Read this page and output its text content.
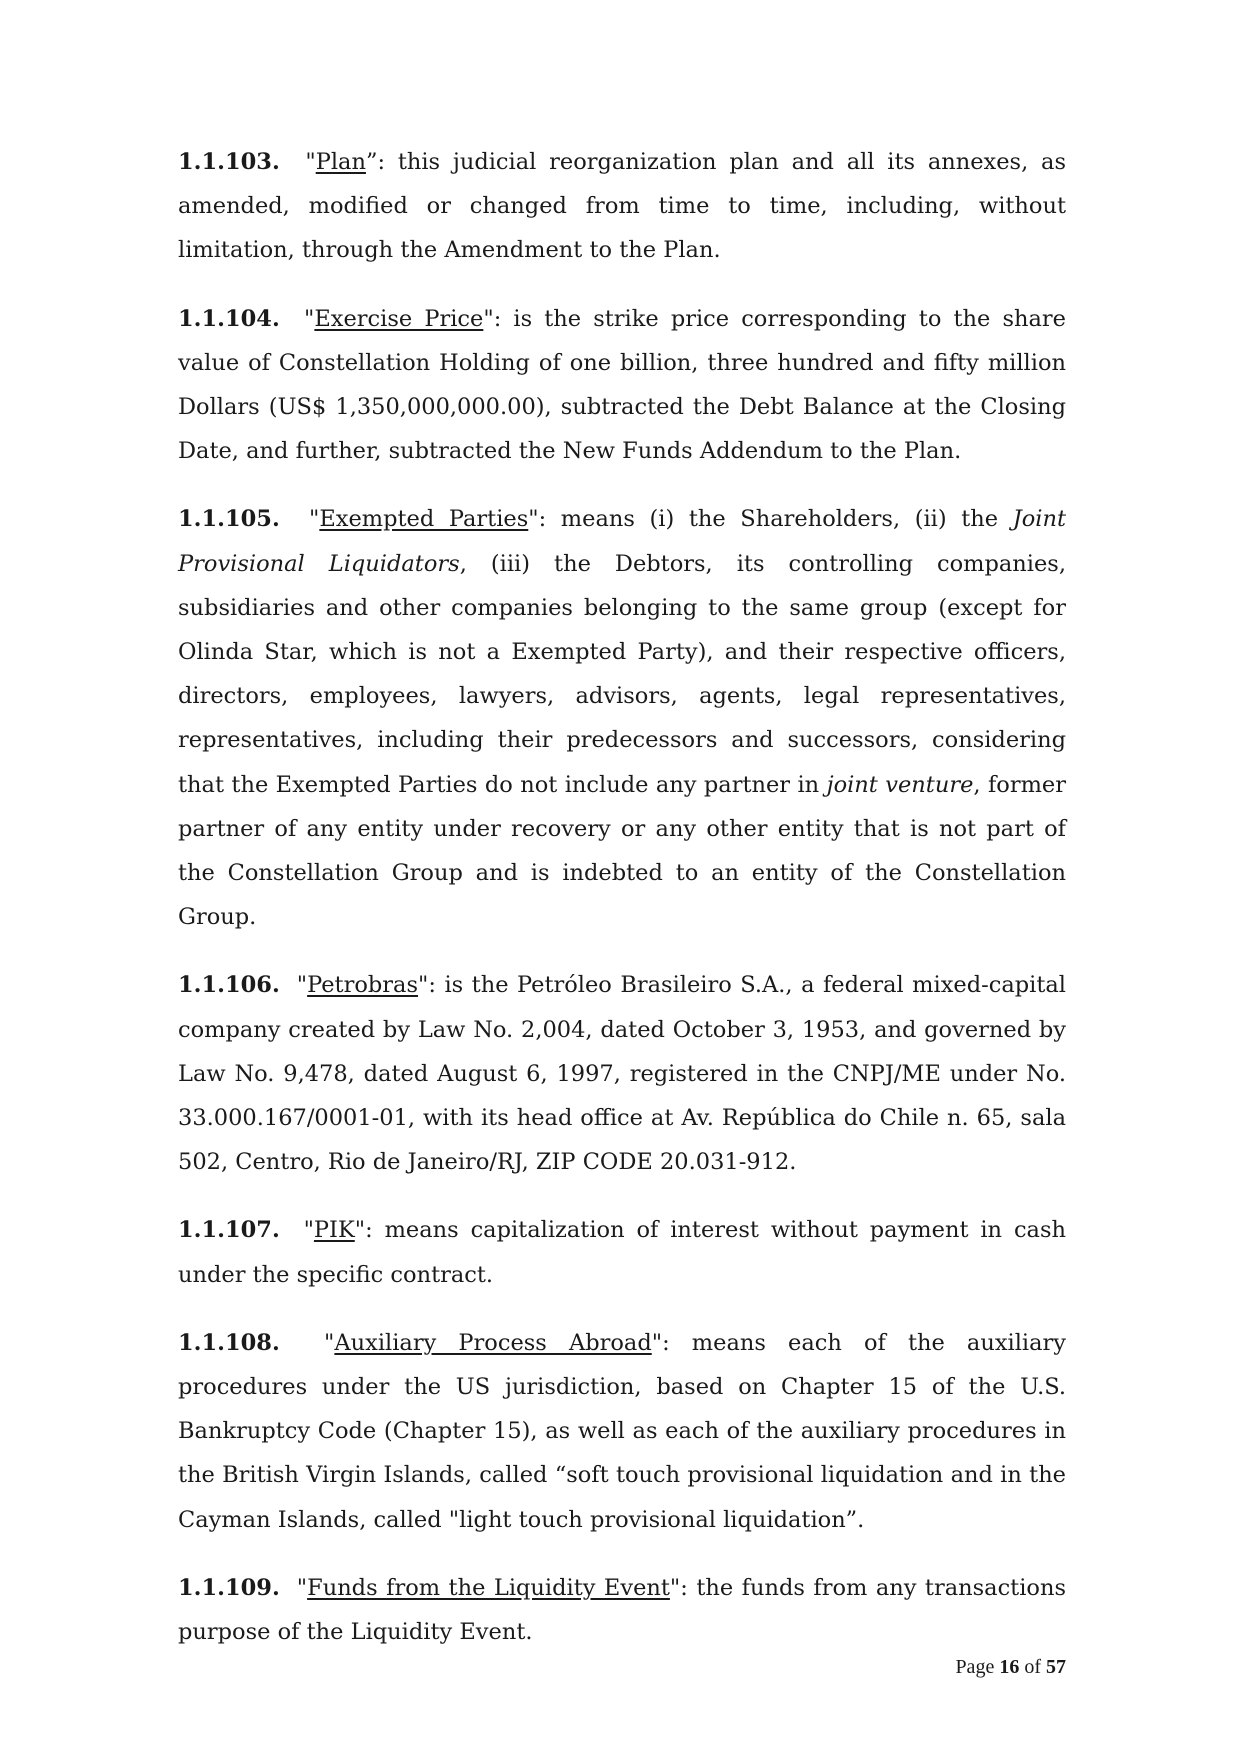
1.1.103. "Plan”: this judicial reorganization plan and all its annexes, as amended, modified or changed from time to time, including, without limitation, through the Amendment to the Plan.

1.1.104. "Exercise Price": is the strike price corresponding to the share value of Constellation Holding of one billion, three hundred and fifty million Dollars (US$ 1,350,000,000.00), subtracted the Debt Balance at the Closing Date, and further, subtracted the New Funds Addendum to the Plan.

1.1.105. "Exempted Parties": means (i) the Shareholders, (ii) the Joint Provisional Liquidators, (iii) the Debtors, its controlling companies, subsidiaries and other companies belonging to the same group (except for Olinda Star, which is not a Exempted Party), and their respective officers, directors, employees, lawyers, advisors, agents, legal representatives, representatives, including their predecessors and successors, considering that the Exempted Parties do not include any partner in joint venture, former partner of any entity under recovery or any other entity that is not part of the Constellation Group and is indebted to an entity of the Constellation Group.

1.1.106. "Petrobras": is the Petróleo Brasileiro S.A., a federal mixed-capital company created by Law No. 2,004, dated October 3, 1953, and governed by Law No. 9,478, dated August 6, 1997, registered in the CNPJ/ME under No. 33.000.167/0001-01, with its head office at Av. República do Chile n. 65, sala 502, Centro, Rio de Janeiro/RJ, ZIP CODE 20.031-912.

1.1.107. "PIK": means capitalization of interest without payment in cash under the specific contract.

1.1.108. "Auxiliary Process Abroad": means each of the auxiliary procedures under the US jurisdiction, based on Chapter 15 of the U.S. Bankruptcy Code (Chapter 15), as well as each of the auxiliary procedures in the British Virgin Islands, called “soft touch provisional liquidation and in the Cayman Islands, called "light touch provisional liquidation”.

1.1.109. "Funds from the Liquidity Event": the funds from any transactions purpose of the Liquidity Event.

Page 16 of 57
